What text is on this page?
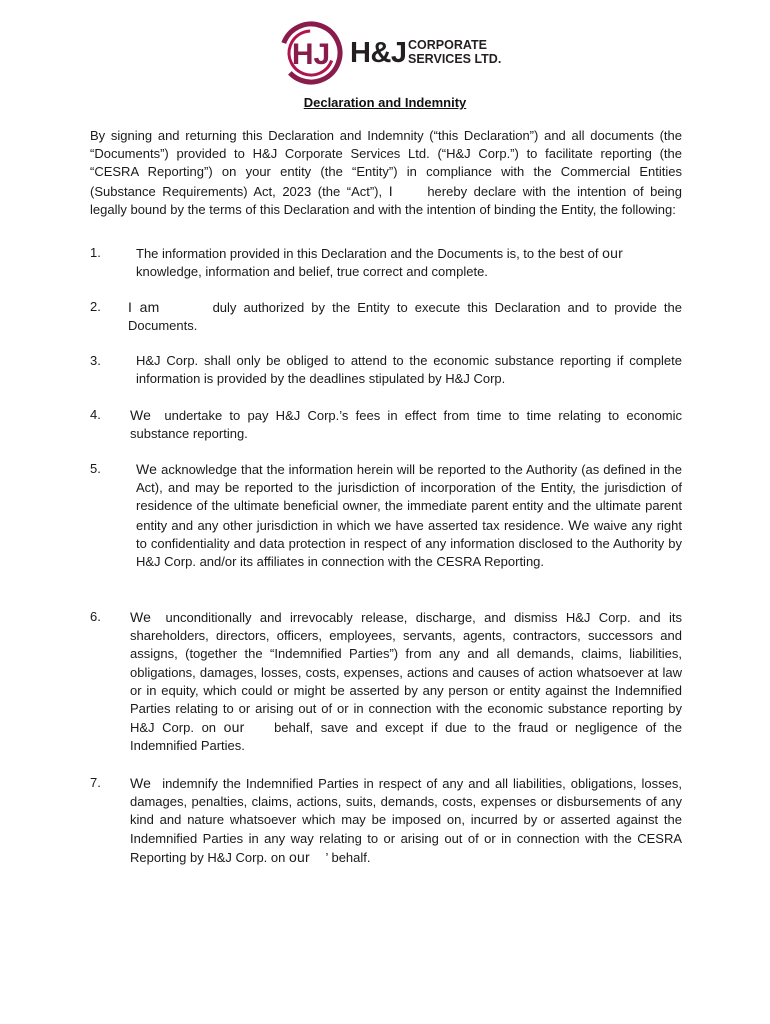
HJ H&J CORPORATE
SERVICES LTD.
Declaration and Indemnity

By signing and returning this Declaration and Indemnity (“this Declaration”) and all documents (the “Documents”) provided to H&J Corporate Services Ltd. (“H&J Corp.”) to facilitate reporting (the “CESRA Reporting”) on your entity (the “Entity”) in compliance with the Commercial Entities (Substance Requirements) Act, 2023 (the “Act”), I	hereby declare with the intention of being legally bound by the terms of this Declaration and with the intention of binding the Entity, the following:

1.	The information provided in this Declaration and the Documents is, to the best of our
knowledge, information and belief, true correct and complete.
2. I am	duly authorized by the Entity to execute this Declaration and to provide the Documents.
3.	H&J Corp. shall only be obliged to attend to the economic substance reporting if complete information is provided by the deadlines stipulated by H&J Corp.
4. We undertake to pay H&J Corp.’s fees in effect from time to time relating to economic substance reporting.
5.	We acknowledge that the information herein will be reported to the Authority (as defined in the Act), and may be reported to the jurisdiction of incorporation of the Entity, the jurisdiction of residence of the ultimate beneficial owner, the immediate parent entity and the ultimate parent entity and any other jurisdiction in which we have asserted tax residence. We waive any right to confidentiality and data protection in respect of any information disclosed to the Authority by H&J Corp. and/or its affiliates in connection with the CESRA Reporting.
6. We unconditionally and irrevocably release, discharge, and dismiss H&J Corp. and its shareholders, directors, officers, employees, servants, agents, contractors, successors and assigns, (together the “Indemnified Parties”) from any and all demands, claims, liabilities, obligations, damages, losses, costs, expenses, actions and causes of action whatsoever at law or in equity, which could or might be asserted by any person or entity against the Indemnified Parties relating to or arising out of or in connection with the economic substance reporting by H&J Corp. on our behalf, save and except if due to the fraud or negligence of the Indemnified Parties.
7. We indemnify the Indemnified Parties in respect of any and all liabilities, obligations, losses, damages, penalties, claims, actions, suits, demands, costs, expenses or disbursements of any kind and nature whatsoever which may be imposed on, incurred by or asserted against the Indemnified Parties in any way relating to or arising out of or in connection with the CESRA Reporting by H&J Corp. on our ’ behalf.
